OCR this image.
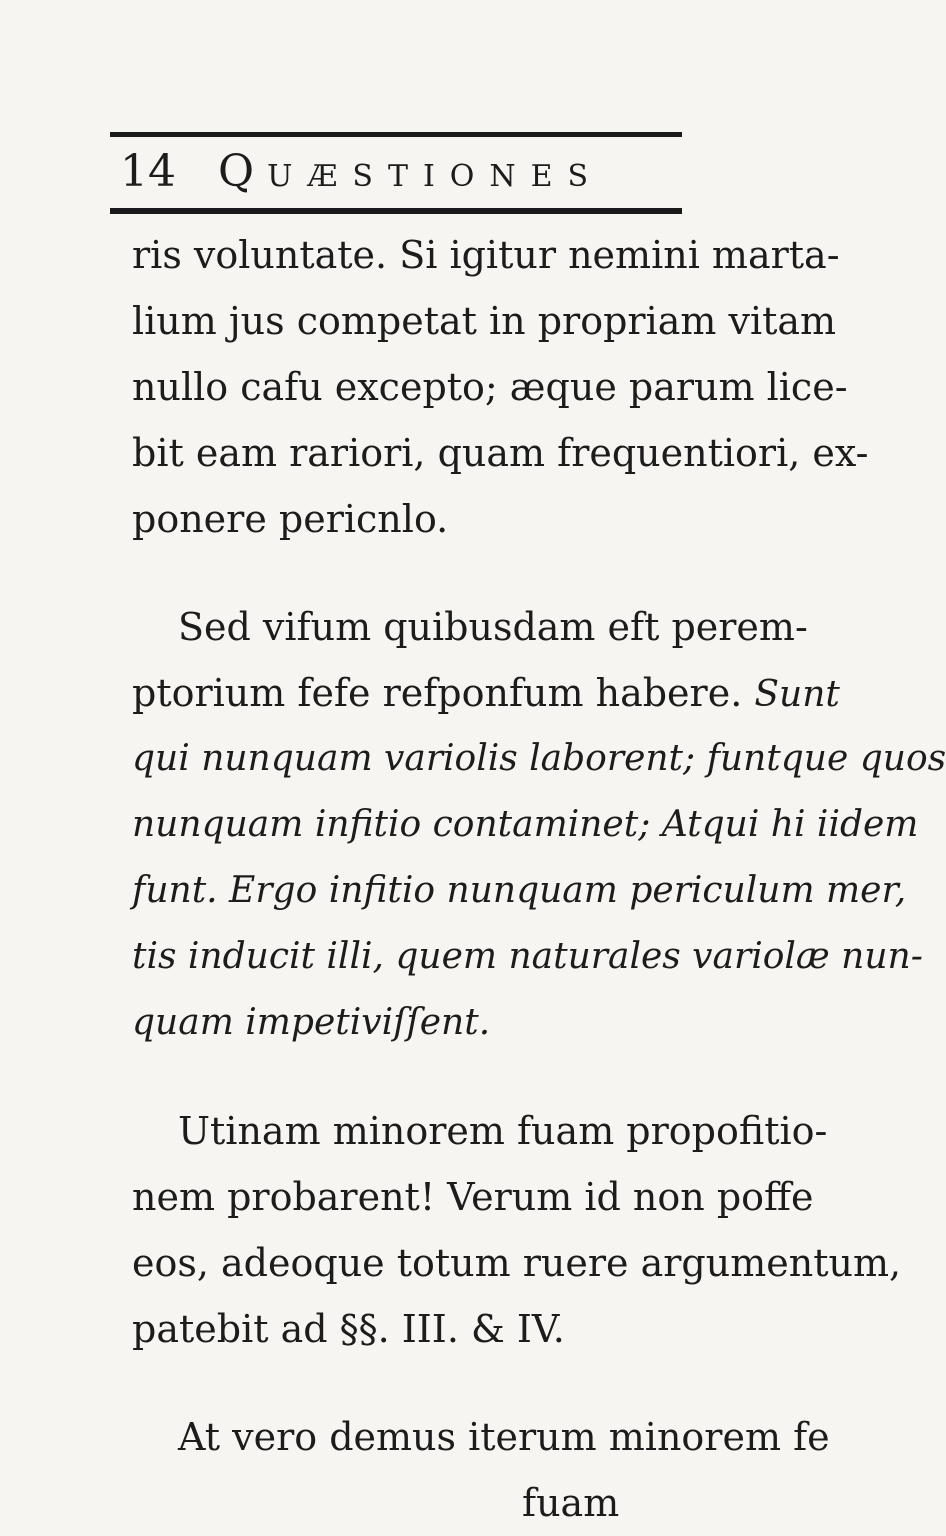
14 QUÆSTIONES
ris voluntate. Si igitur nemini marta-
lium jus competat in propriam vitam
nullo cafu excepto; æque parum lice-
bit eam rariori, quam frequentiori, ex-
ponere pericnlo.
Sed vifum quibusdam eft perem-
ptorium fefe refponfum habere. Sunt
qui nunquam variolis laborent; funtque quos
nunquam infitio contaminet; Atqui hi iidem
funt. Ergo infitio nunquam periculum mer,
tis inducit illi, quem naturales variolæ nun-
quam impetiviſſent.
Utinam minorem fuam propofitio-
nem probarent! Verum id non poffe
eos, adeoque totum ruere argumentum,
patebit ad §§. III. & IV.
At vero demus iterum minorem fe
fuam
